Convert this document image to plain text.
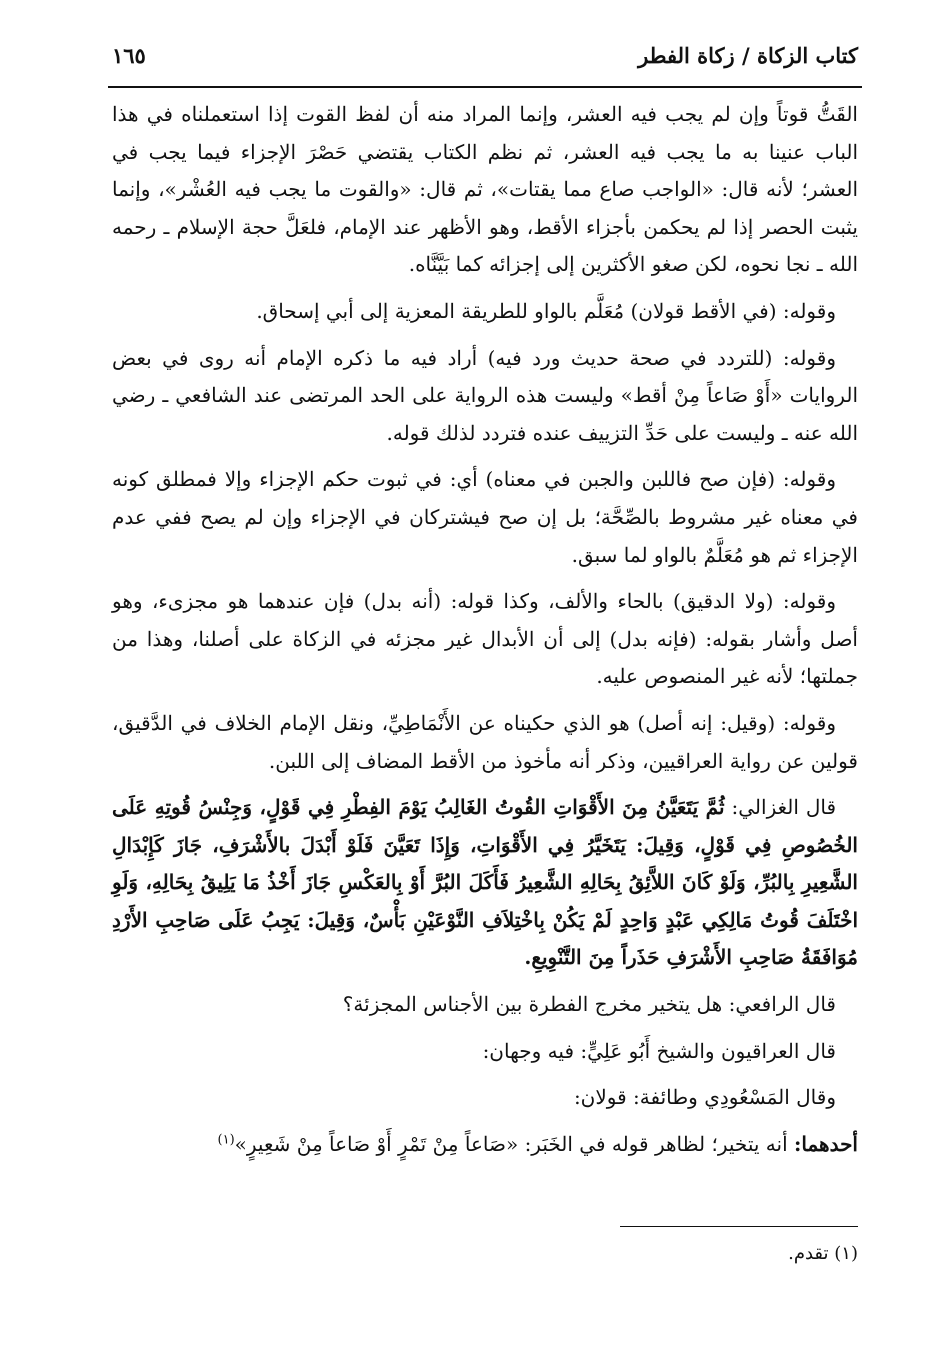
كتاب الزكاة / زكاة الفطر
١٦٥

القَتُّ قوتاً وإن لم يجب فيه العشر، وإنما المراد منه أن لفظ القوت إذا استعملناه في هذا الباب عنينا به ما يجب فيه العشر، ثم نظم الكتاب يقتضي حَصْرَ الإجزاء فيما يجب في العشر؛ لأنه قال: «الواجب صاع مما يقتات»، ثم قال: «والقوت ما يجب فيه العُشْر»، وإنما يثبت الحصر إذا لم يحكمن بأجزاء الأقط، وهو الأظهر عند الإمام، فلعَلَّ حجة الإسلام ـ رحمه الله ـ نجا نحوه، لكن صغو الأكثرين إلى إجزائه كما بَيَّنَّاه.

وقوله: (في الأقط قولان) مُعَلَّم بالواو للطريقة المعزية إلى أبي إسحاق.

وقوله: (للتردد في صحة حديث ورد فيه) أراد فيه ما ذكره الإمام أنه روى في بعض الروايات «أَوْ صَاعاً مِنْ أقط» وليست هذه الرواية على الحد المرتضى عند الشافعي ـ رضي الله عنه ـ وليست على حَدِّ التزييف عنده فتردد لذلك قوله.

وقوله: (فإن صح فاللبن والجبن في معناه) أي: في ثبوت حكم الإجزاء وإلا فمطلق كونه في معناه غير مشروط بالصِّحَّة؛ بل إن صح فيشتركان في الإجزاء وإن لم يصح ففي عدم الإجزاء ثم هو مُعَلَّمٌ بالواو لما سبق.

وقوله: (ولا الدقيق) بالحاء والألف، وكذا قوله: (أنه بدل) فإن عندهما هو مجزىء، وهو أصل وأشار بقوله: (فإنه بدل) إلى أن الأبدال غير مجزئه في الزكاة على أصلنا، وهذا من جملتها؛ لأنه غير المنصوص عليه.

وقوله: (وقيل: إنه أصل) هو الذي حكيناه عن الأَنْمَاطِيِّ، ونقل الإمام الخلاف في الدَّقيق، قولين عن رواية العراقيين، وذكر أنه مأخوذ من الأقط المضاف إلى اللبن.

قال الغزالي: ثُمَّ يَتَعَيَّنُ مِنَ الأَقْوَاتِ القُوتُ الغَالِبُ يَوْمَ الفِطْرِ فِي قَوْلٍ، وَجِنْسُ قُوتِهِ عَلَى الخُصُوصِ فِي قَوْلٍ، وَقِيلَ: يَتَخَيَّرُ فِي الأَقْوَاتِ، وَإِذَا تَعَيَّنَ فَلَوْ أَبْدَلَ بالأَشْرَفِ، جَازَ كَإِبْدَالِ الشَّعِيرِ بِالبُرِّ، وَلَوْ كَانَ اللاَّئِقُ بِحَالِهِ الشَّعِيرُ فَأَكَلَ البُرَّ أَوْ بِالعَكْسِ جَازَ أَخْذُ مَا يَلِيقُ بِحَالِهِ، وَلَوِ اخْتَلَفَ قُوتُ مَالِكِي عَبْدٍ وَاحِدٍ لَمْ يَكُنْ بِاخْتِلاَفِ النَّوْعَيْنِ بَأْسٌ، وَقِيلَ: يَجِبُ عَلَى صَاحِبِ الأَرْدِ مُوَافَقَةُ صَاحِبِ الأَشْرَفِ حَذَراً مِنَ التَّنْوِيعِ.

قال الرافعي: هل يتخير مخرج الفطرة بين الأجناس المجزئة؟

قال العراقيون والشيخ أَبُو عَلِيٍّ: فيه وجهان:

وقال المَسْعُودِي وطائفة: قولان:

أحدهما: أنه يتخير؛ لظاهر قوله في الخَبَر: «صَاعاً مِنْ تَمْرٍ أَوْ صَاعاً مِنْ شَعِيرٍ»$^{(١)}$

(١) تقدم.
